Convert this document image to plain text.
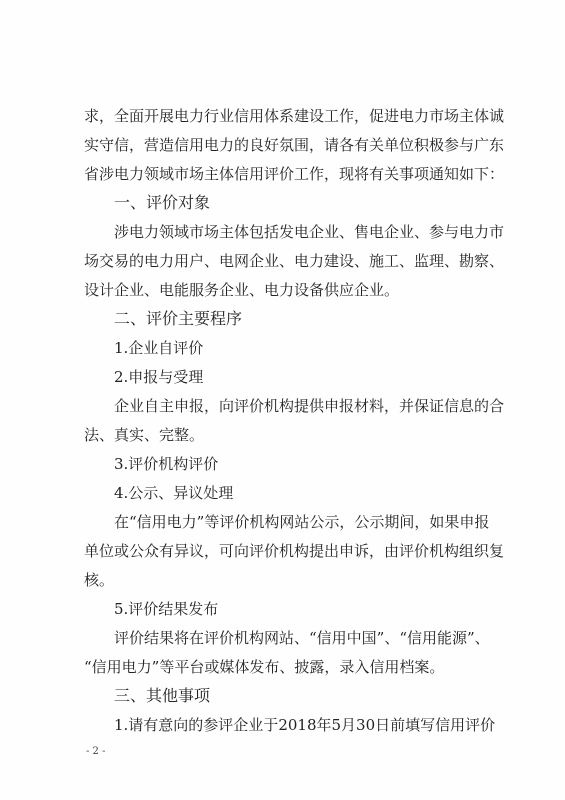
求，全面开展电力行业信用体系建设工作，促进电力市场主体诚

实守信，营造信用电力的良好氛围，请各有关单位积极参与广东

省涉电力领域市场主体信用评价工作，现将有关事项通知如下：

一、评价对象

涉电力领域市场主体包括发电企业、售电企业、参与电力市

场交易的电力用户、电网企业、电力建设、施工、监理、勘察、

设计企业、电能服务企业、电力设备供应企业。

二、评价主要程序

1.企业自评价

2.申报与受理

企业自主申报，向评价机构提供申报材料，并保证信息的合

法、真实、完整。

3.评价机构评价

4.公示、异议处理

在“信用电力”等评价机构网站公示，公示期间，如果申报

单位或公众有异议，可向评价机构提出申诉，由评价机构组织复

核。

5.评价结果发布

评价结果将在评价机构网站、“信用中国”、“信用能源”、

“信用电力”等平台或媒体发布、披露，录入信用档案。

三、其他事项

1.请有意向的参评企业于2018年5月30日前填写信用评价

- 2 -
